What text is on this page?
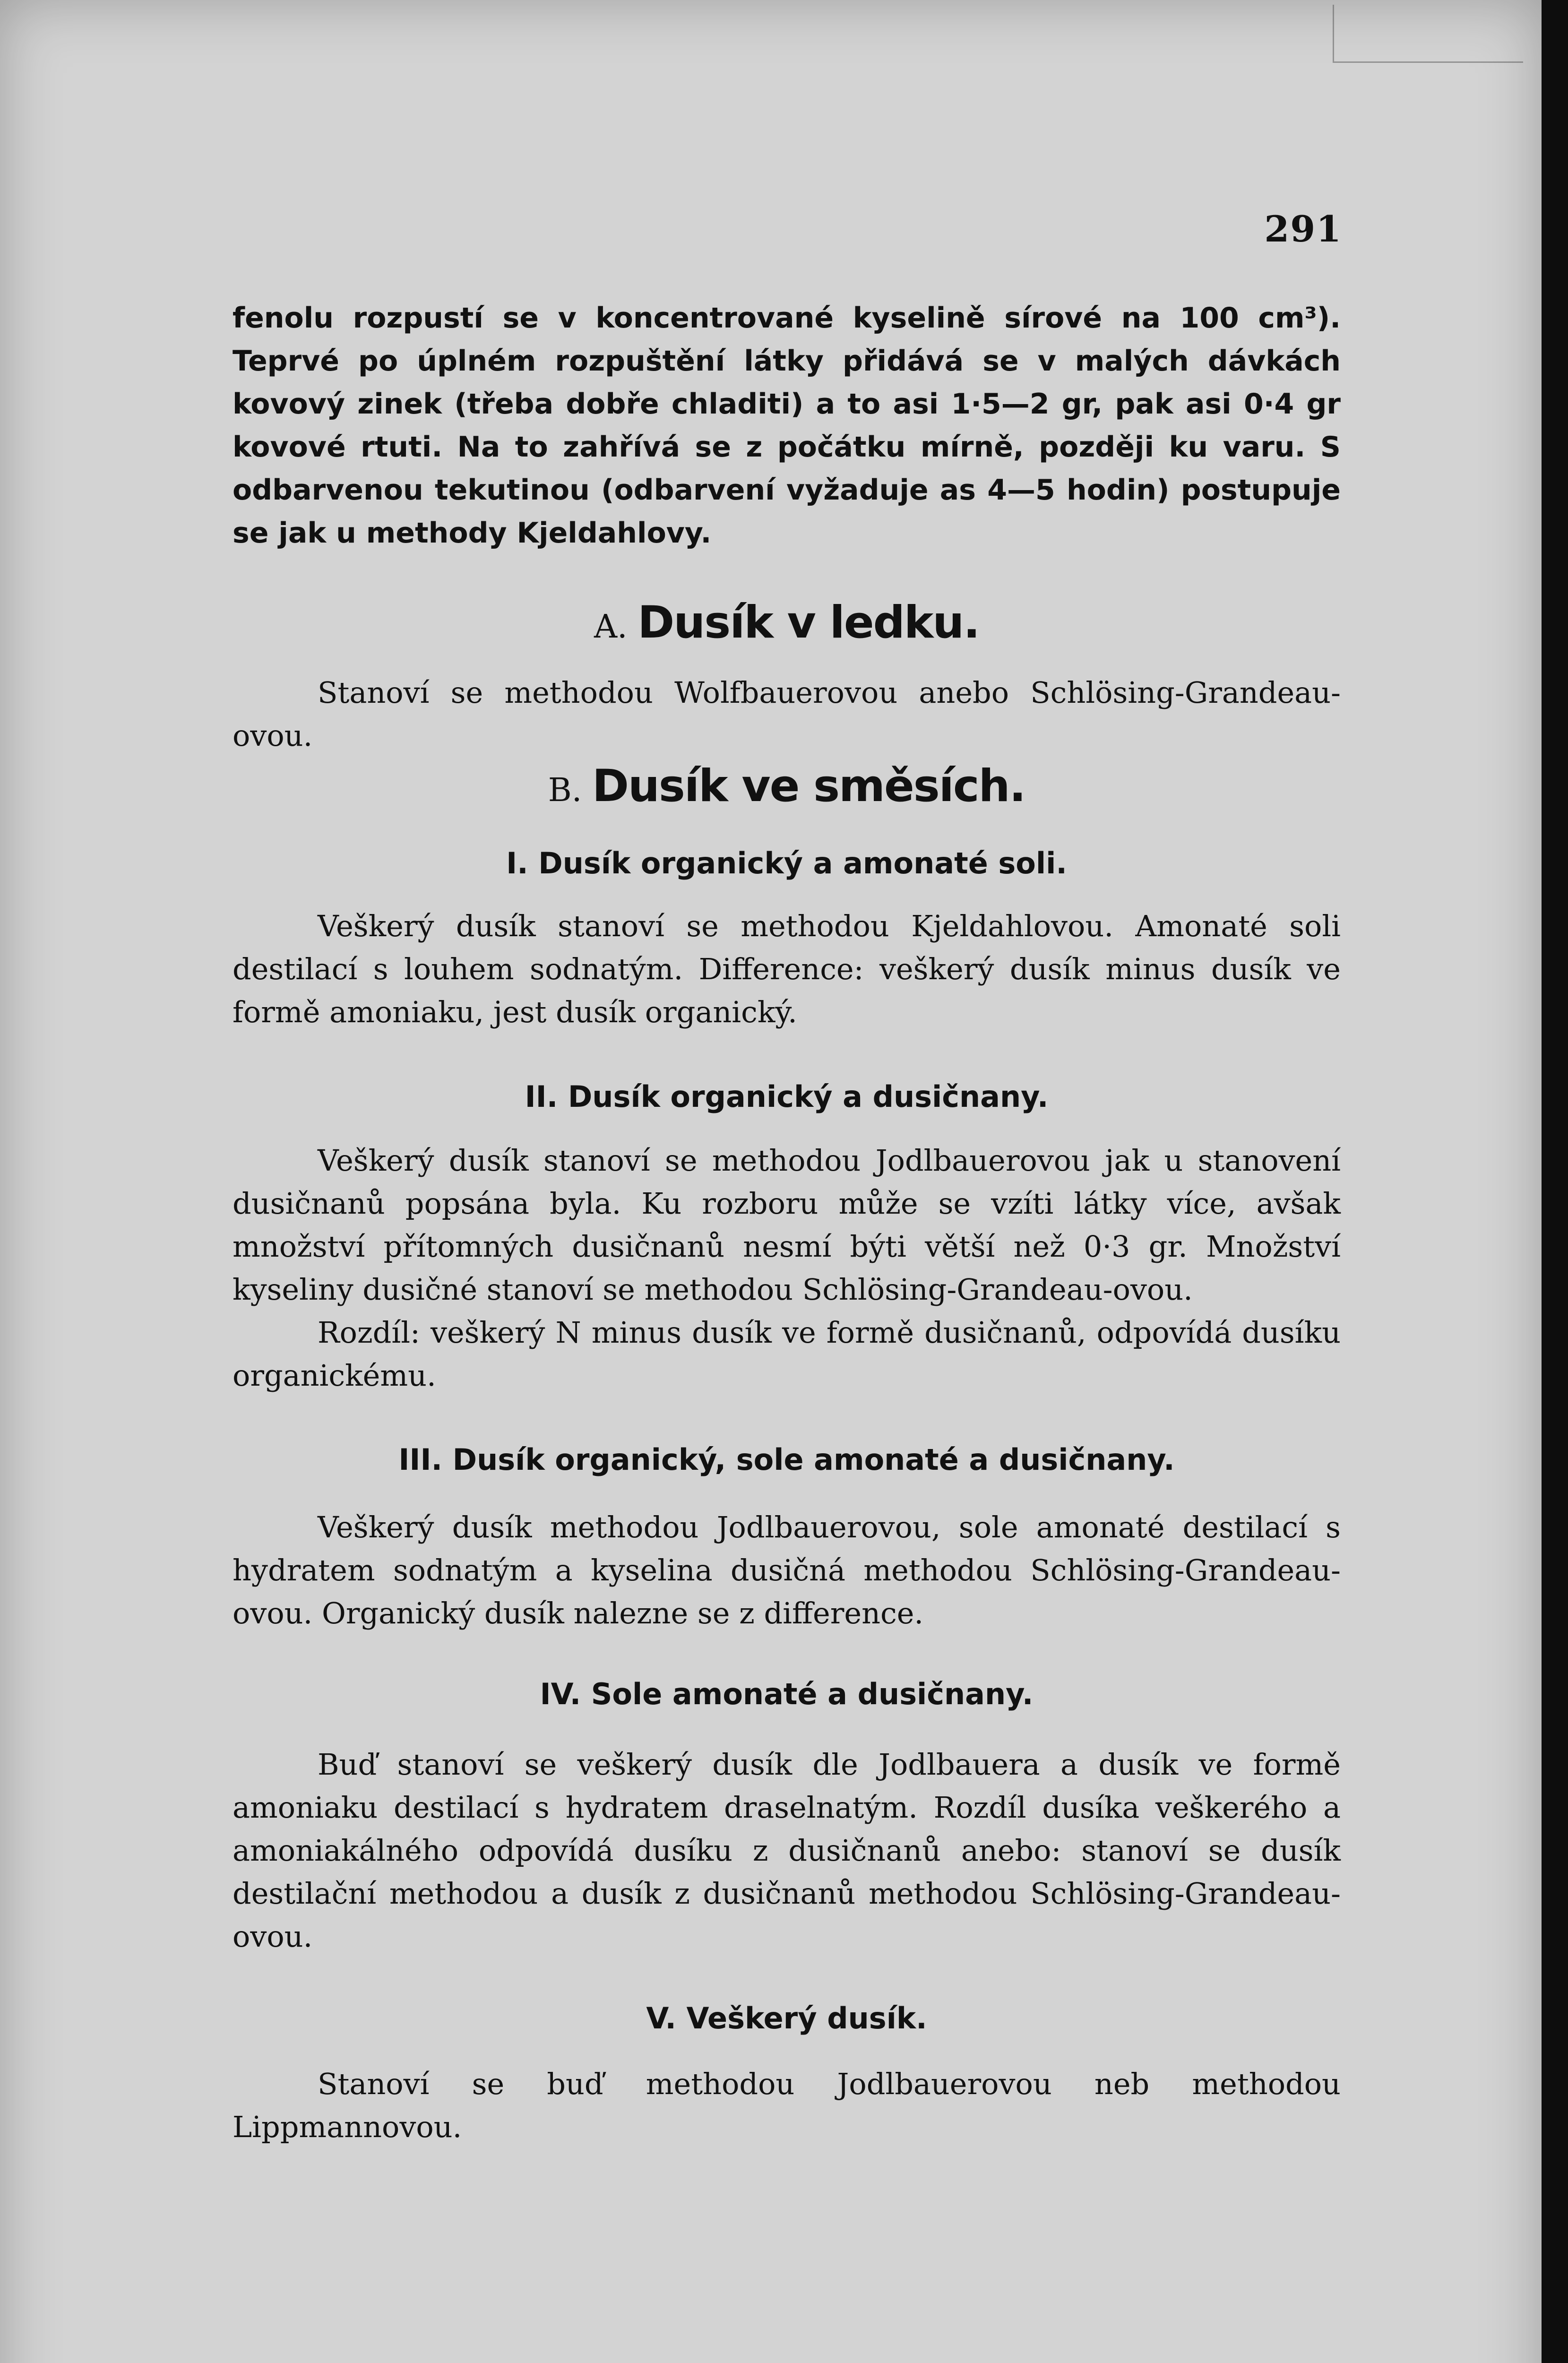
291

fenolu rozpustí se v koncentrované kyselině sírové na 100 cm³). Teprvé po úplném rozpuštění látky přidává se v malých dávkách kovový zinek (třeba dobře chladiti) a to asi 1·5—2 gr, pak asi 0·4 gr kovové rtuti. Na to zahřívá se z počátku mírně, později ku varu. S odbarvenou tekutinou (odbarvení vyžaduje as 4—5 hodin) postupuje se jak u methody Kjeldahlovy.

A. Dusík v ledku.

Stanoví se methodou Wolfbauerovou anebo Schlösing-Grandeau-ovou.

B. Dusík ve směsích.
I. Dusík organický a amonaté soli.

Veškerý dusík stanoví se methodou Kjeldahlovou. Amonaté soli destilací s louhem sodnatým. Difference: veškerý dusík minus dusík ve formě amoniaku, jest dusík organický.

II. Dusík organický a dusičnany.

Veškerý dusík stanoví se methodou Jodlbauerovou jak u stanovení dusičnanů popsána byla. Ku rozboru může se vzíti látky více, avšak množství přítomných dusičnanů nesmí býti větší než 0·3 gr. Množství kyseliny dusičné stanoví se methodou Schlösing-Grandeau-ovou.

Rozdíl: veškerý N minus dusík ve formě dusičnanů, odpovídá dusíku organickému.

III. Dusík organický, sole amonaté a dusičnany.

Veškerý dusík methodou Jodlbauerovou, sole amonaté destilací s hydratem sodnatým a kyselina dusičná methodou Schlösing-Grandeau-ovou. Organický dusík nalezne se z difference.

IV. Sole amonaté a dusičnany.

Buď stanoví se veškerý dusík dle Jodlbauera a dusík ve formě amoniaku destilací s hydratem draselnatým. Rozdíl dusíka veškerého a amoniakálného odpovídá dusíku z dusičnanů anebo: stanoví se dusík destilační methodou a dusík z dusičnanů methodou Schlösing-Grandeau-ovou.

V. Veškerý dusík.

Stanoví se buď methodou Jodlbauerovou neb methodou Lippmannovou.
